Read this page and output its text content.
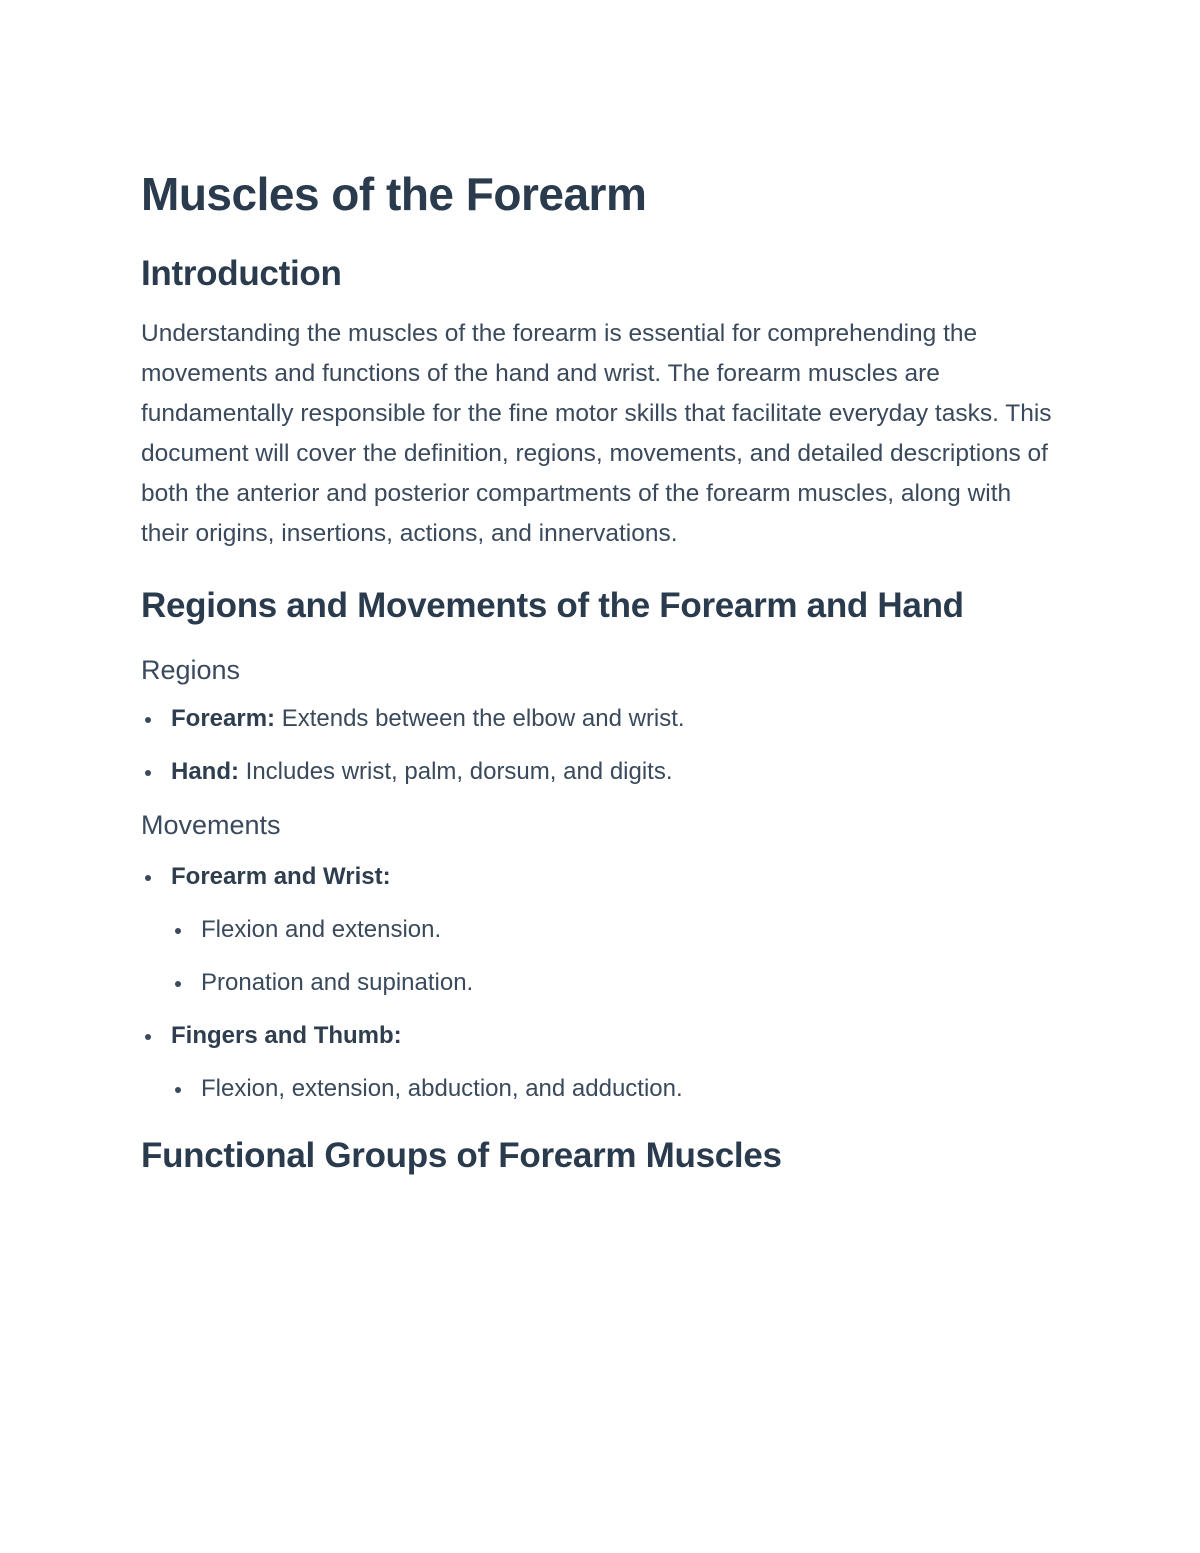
Muscles of the Forearm
Introduction

Understanding the muscles of the forearm is essential for comprehending the movements and functions of the hand and wrist. The forearm muscles are fundamentally responsible for the fine motor skills that facilitate everyday tasks. This document will cover the definition, regions, movements, and detailed descriptions of both the anterior and posterior compartments of the forearm muscles, along with their origins, insertions, actions, and innervations.

Regions and Movements of the Forearm and Hand
Regions
Forearm: Extends between the elbow and wrist.
Hand: Includes wrist, palm, dorsum, and digits.
Movements
Forearm and Wrist:
Flexion and extension.
Pronation and supination.
Fingers and Thumb:
Flexion, extension, abduction, and adduction.
Functional Groups of Forearm Muscles
